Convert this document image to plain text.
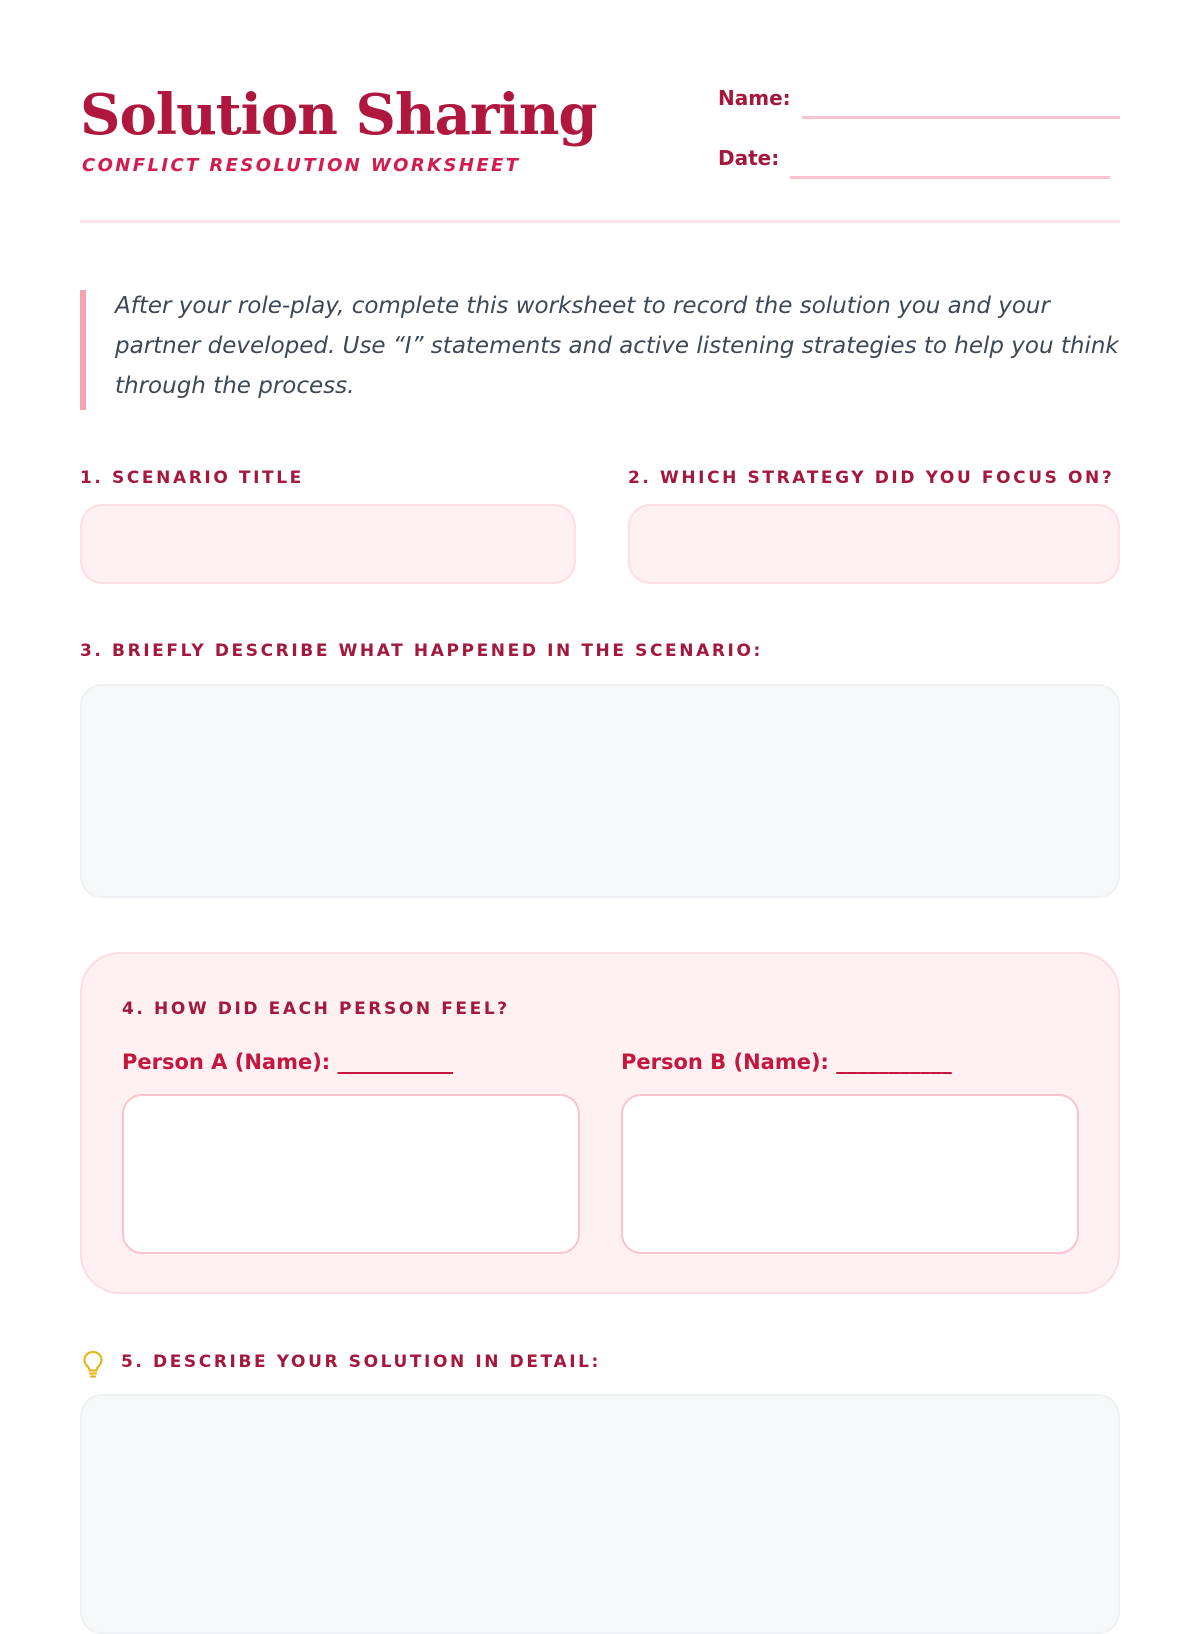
Solution Sharing
CONFLICT RESOLUTION WORKSHEET
Name:
Date:
After your role-play, complete this worksheet to record the solution you and your partner developed. Use “I” statements and active listening strategies to help you think through the process.
1. SCENARIO TITLE	2. WHICH STRATEGY DID YOU FOCUS ON?
3. BRIEFLY DESCRIBE WHAT HAPPENED IN THE SCENARIO:
4. HOW DID EACH PERSON FEEL?
Person A (Name): ___________	Person B (Name): ___________
5. DESCRIBE YOUR SOLUTION IN DETAIL:
